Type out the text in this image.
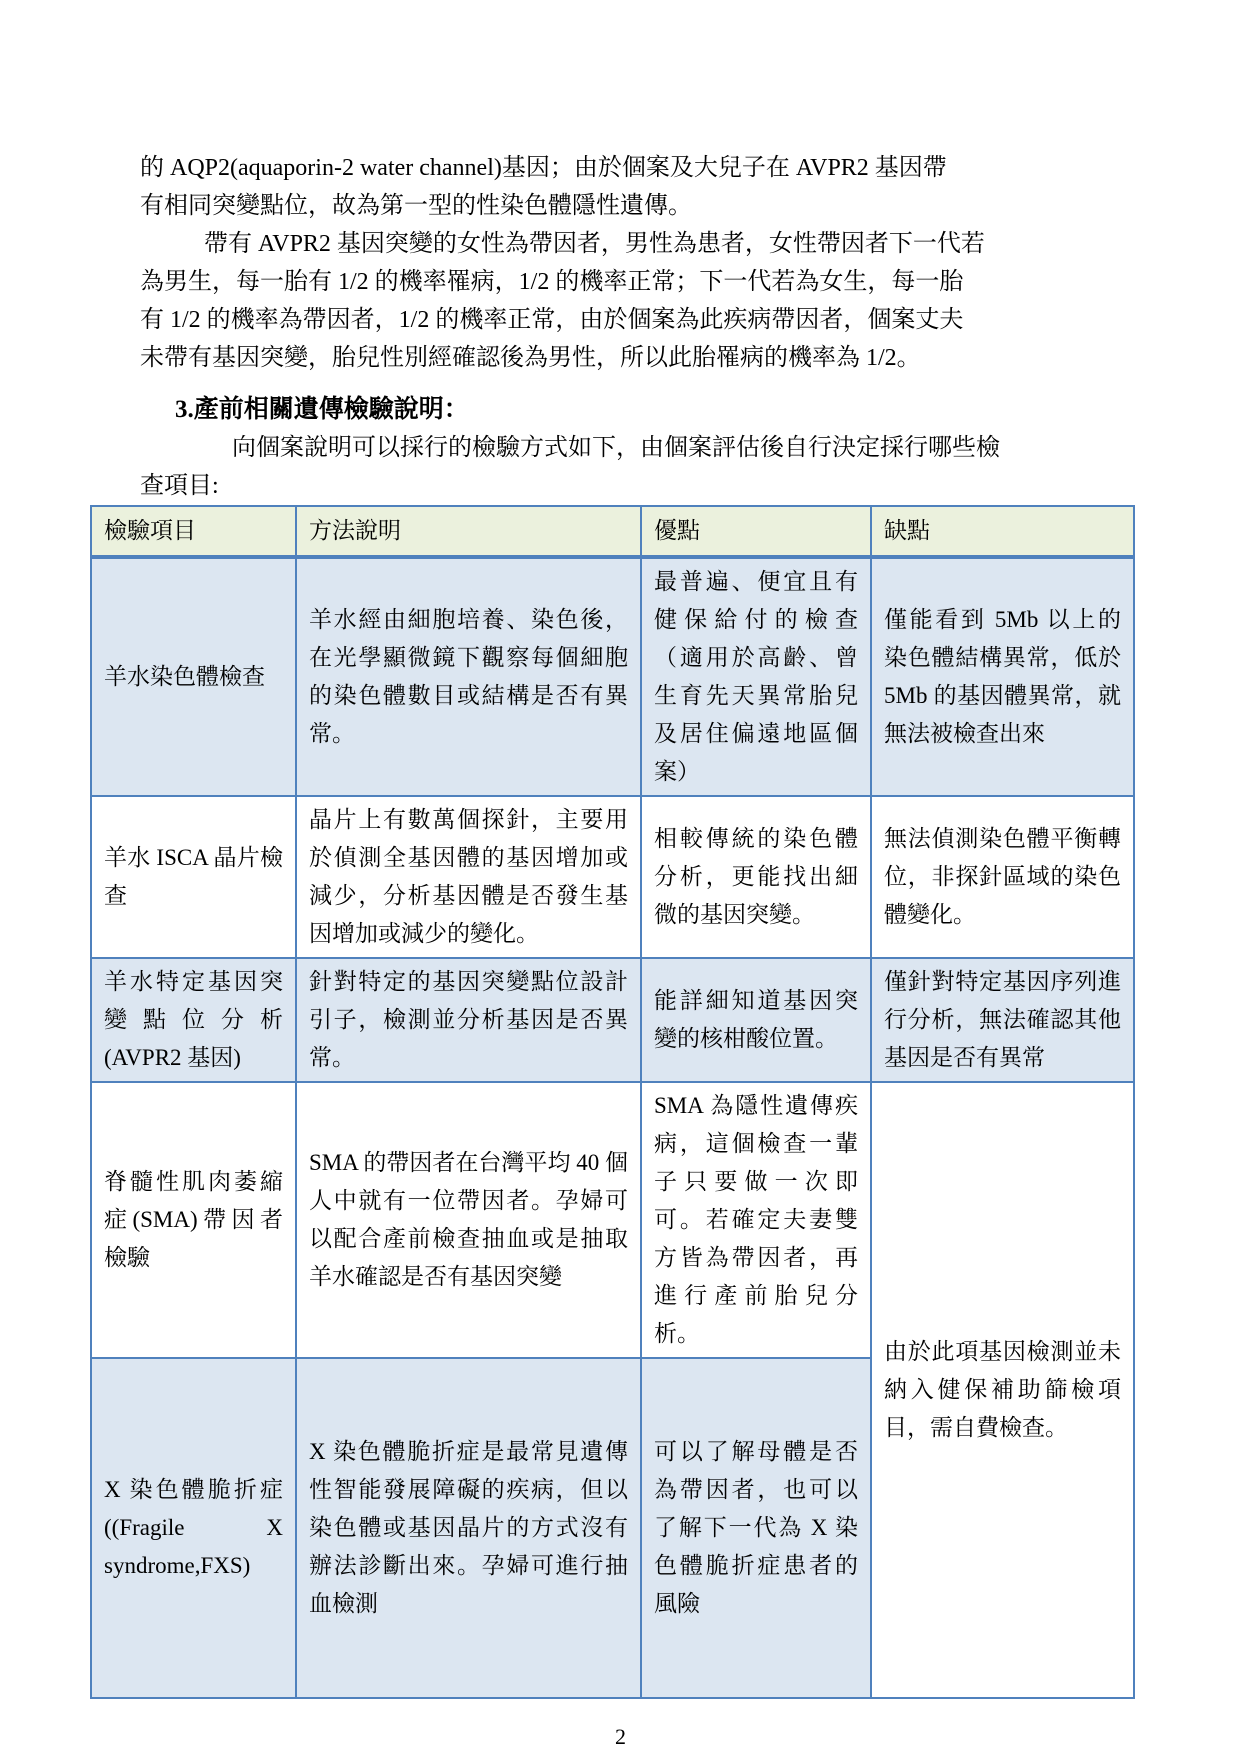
的 AQP2(aquaporin-2 water channel)基因；由於個案及大兒子在 AVPR2 基因帶
有相同突變點位，故為第一型的性染色體隱性遺傳。
帶有 AVPR2 基因突變的女性為帶因者，男性為患者，女性帶因者下一代若
為男生，每一胎有 1/2 的機率罹病，1/2 的機率正常；下一代若為女生，每一胎
有 1/2 的機率為帶因者，1/2 的機率正常，由於個案為此疾病帶因者，個案丈夫
未帶有基因突變，胎兒性別經確認後為男性，所以此胎罹病的機率為 1/2。
3.產前相關遺傳檢驗說明：
向個案說明可以採行的檢驗方式如下，由個案評估後自行決定採行哪些檢
查項目:
檢驗項目	方法說明	優點	缺點
羊水染色體檢查	羊水經由細胞培養、染色後，在光學顯微鏡下觀察每個細胞的染色體數目或結構是否有異常。	最普遍、便宜且有健保給付的檢查（適用於高齡、曾生育先天異常胎兒及居住偏遠地區個案）	僅能看到 5Mb 以上的染色體結構異常，低於 5Mb 的基因體異常，就無法被檢查出來
羊水 ISCA 晶片檢查	晶片上有數萬個探針，主要用於偵測全基因體的基因增加或減少，分析基因體是否發生基因增加或減少的變化。	相較傳統的染色體分析，更能找出細微的基因突變。	無法偵測染色體平衡轉位，非探針區域的染色體變化。
羊水特定基因突變點位分析(AVPR2 基因)	針對特定的基因突變點位設計引子，檢測並分析基因是否異常。	能詳細知道基因突變的核柑酸位置。	僅針對特定基因序列進行分析，無法確認其他基因是否有異常
脊髓性肌肉萎縮症(SMA)帶因者檢驗	SMA 的帶因者在台灣平均 40 個人中就有一位帶因者。孕婦可以配合產前檢查抽血或是抽取羊水確認是否有基因突變	SMA 為隱性遺傳疾病，這個檢查一輩子只要做一次即可。若確定夫妻雙方皆為帶因者，再進行產前胎兒分析。	由於此項基因檢測並未納入健保補助篩檢項目，需自費檢查。
X 染色體脆折症((Fragile X syndrome,FXS)	X 染色體脆折症是最常見遺傳性智能發展障礙的疾病，但以染色體或基因晶片的方式沒有辦法診斷出來。孕婦可進行抽血檢測	可以了解母體是否為帶因者，也可以了解下一代為 X 染色體脆折症患者的風險	
2
